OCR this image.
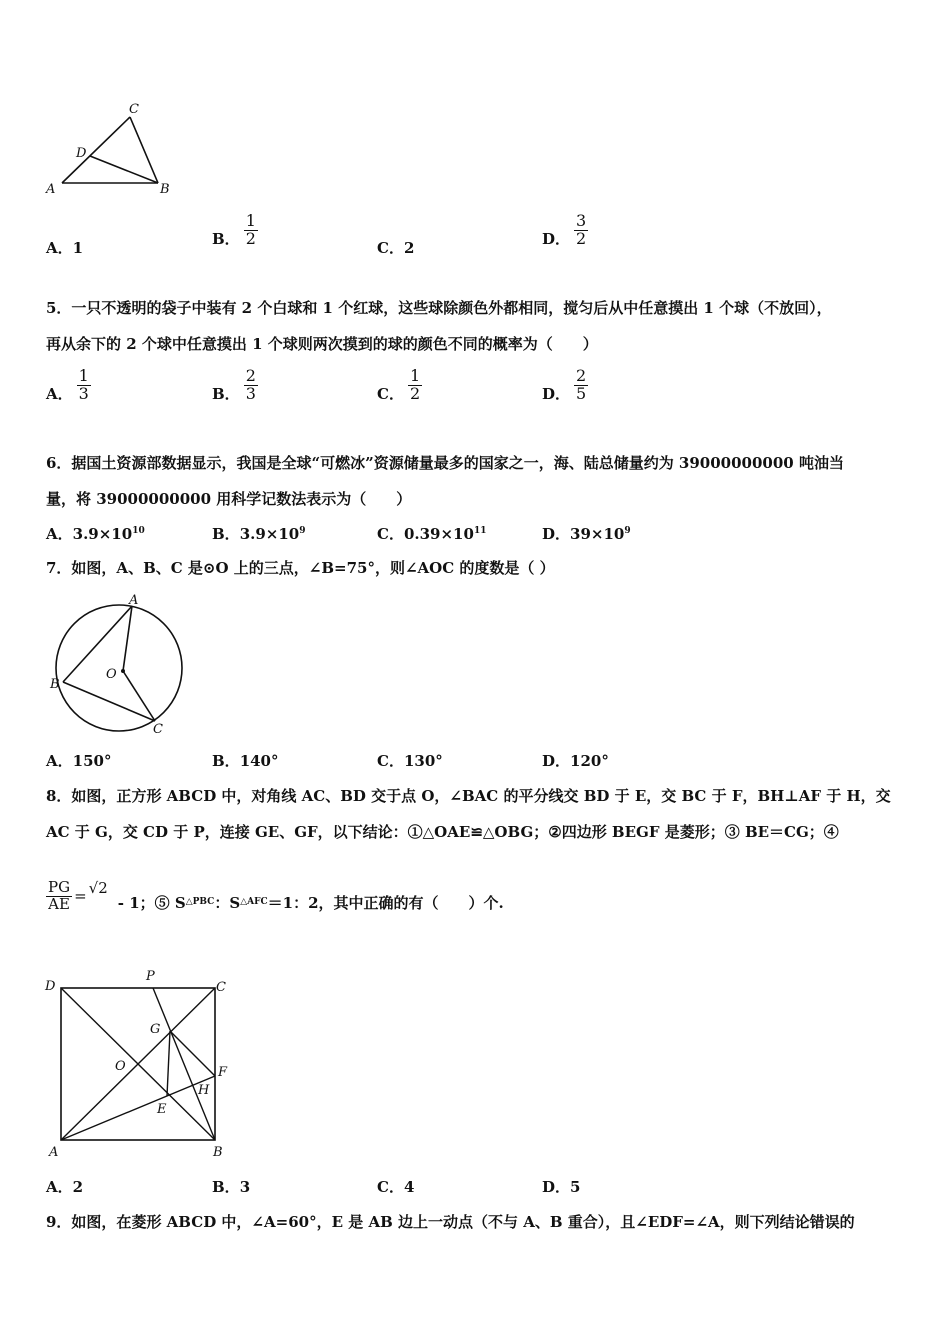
C
D
A	B
A．1	B． $\frac{1}{2}$
C．2	D． $\frac{3}{2}$
5．一只不透明的袋子中装有 2 个白球和 1 个红球，这些球除颜色外都相同，搅匀后从中任意摸出 1 个球（不放回），
再从余下的 2 个球中任意摸出 1 个球则两次摸到的球的颜色不同的概率为（　　）
A． $\frac{1}{3}$	B． $\frac{2}{3}$	C． $\frac{1}{2}$	D． $\frac{2}{5}$
6．据国土资源部数据显示，我国是全球“可燃冰”资源储量最多的国家之一，海、陆总储量约为 39000000000 吨油当
量，将 39000000000 用科学记数法表示为（　　）
A．$3.9\times 10^{10}$	B．$3.9\times 10^9$	C．$0.39\times 10^{11}$	D．$39\times 10^9$
7．如图，A、B、C 是⊙O 上的三点，∠B=75°，则∠AOC 的度数是（ ）
A
B
C
O
A．150°	B．140°	C．130°	D．120°
8．如图，正方形 ABCD 中，对角线 AC、BD 交于点 O，∠BAC 的平分线交 BD 于 E，交 BC 于 F，BH⊥AF 于 H，交
AC 于 G，交 CD 于 P，连接 GE、GF，以下结论：①△OAE≌△OBG；②四边形 BEGF 是菱形；③ BE＝CG；④
$\frac{PG}{AE} = √2$
- 1；⑤ $S_{\triangle PBC}$ ：$S_{\triangle AFC} =1$：2，其中正确的有（　　）个.
D	C
P
G
O	F
H
E
A	B
A．2	B．3	C．4	D．5
9．如图，在菱形 ABCD 中，∠A=60°，E 是 AB 边上一动点（不与 A、B 重合），且∠EDF=∠A，则下列结论错误的
